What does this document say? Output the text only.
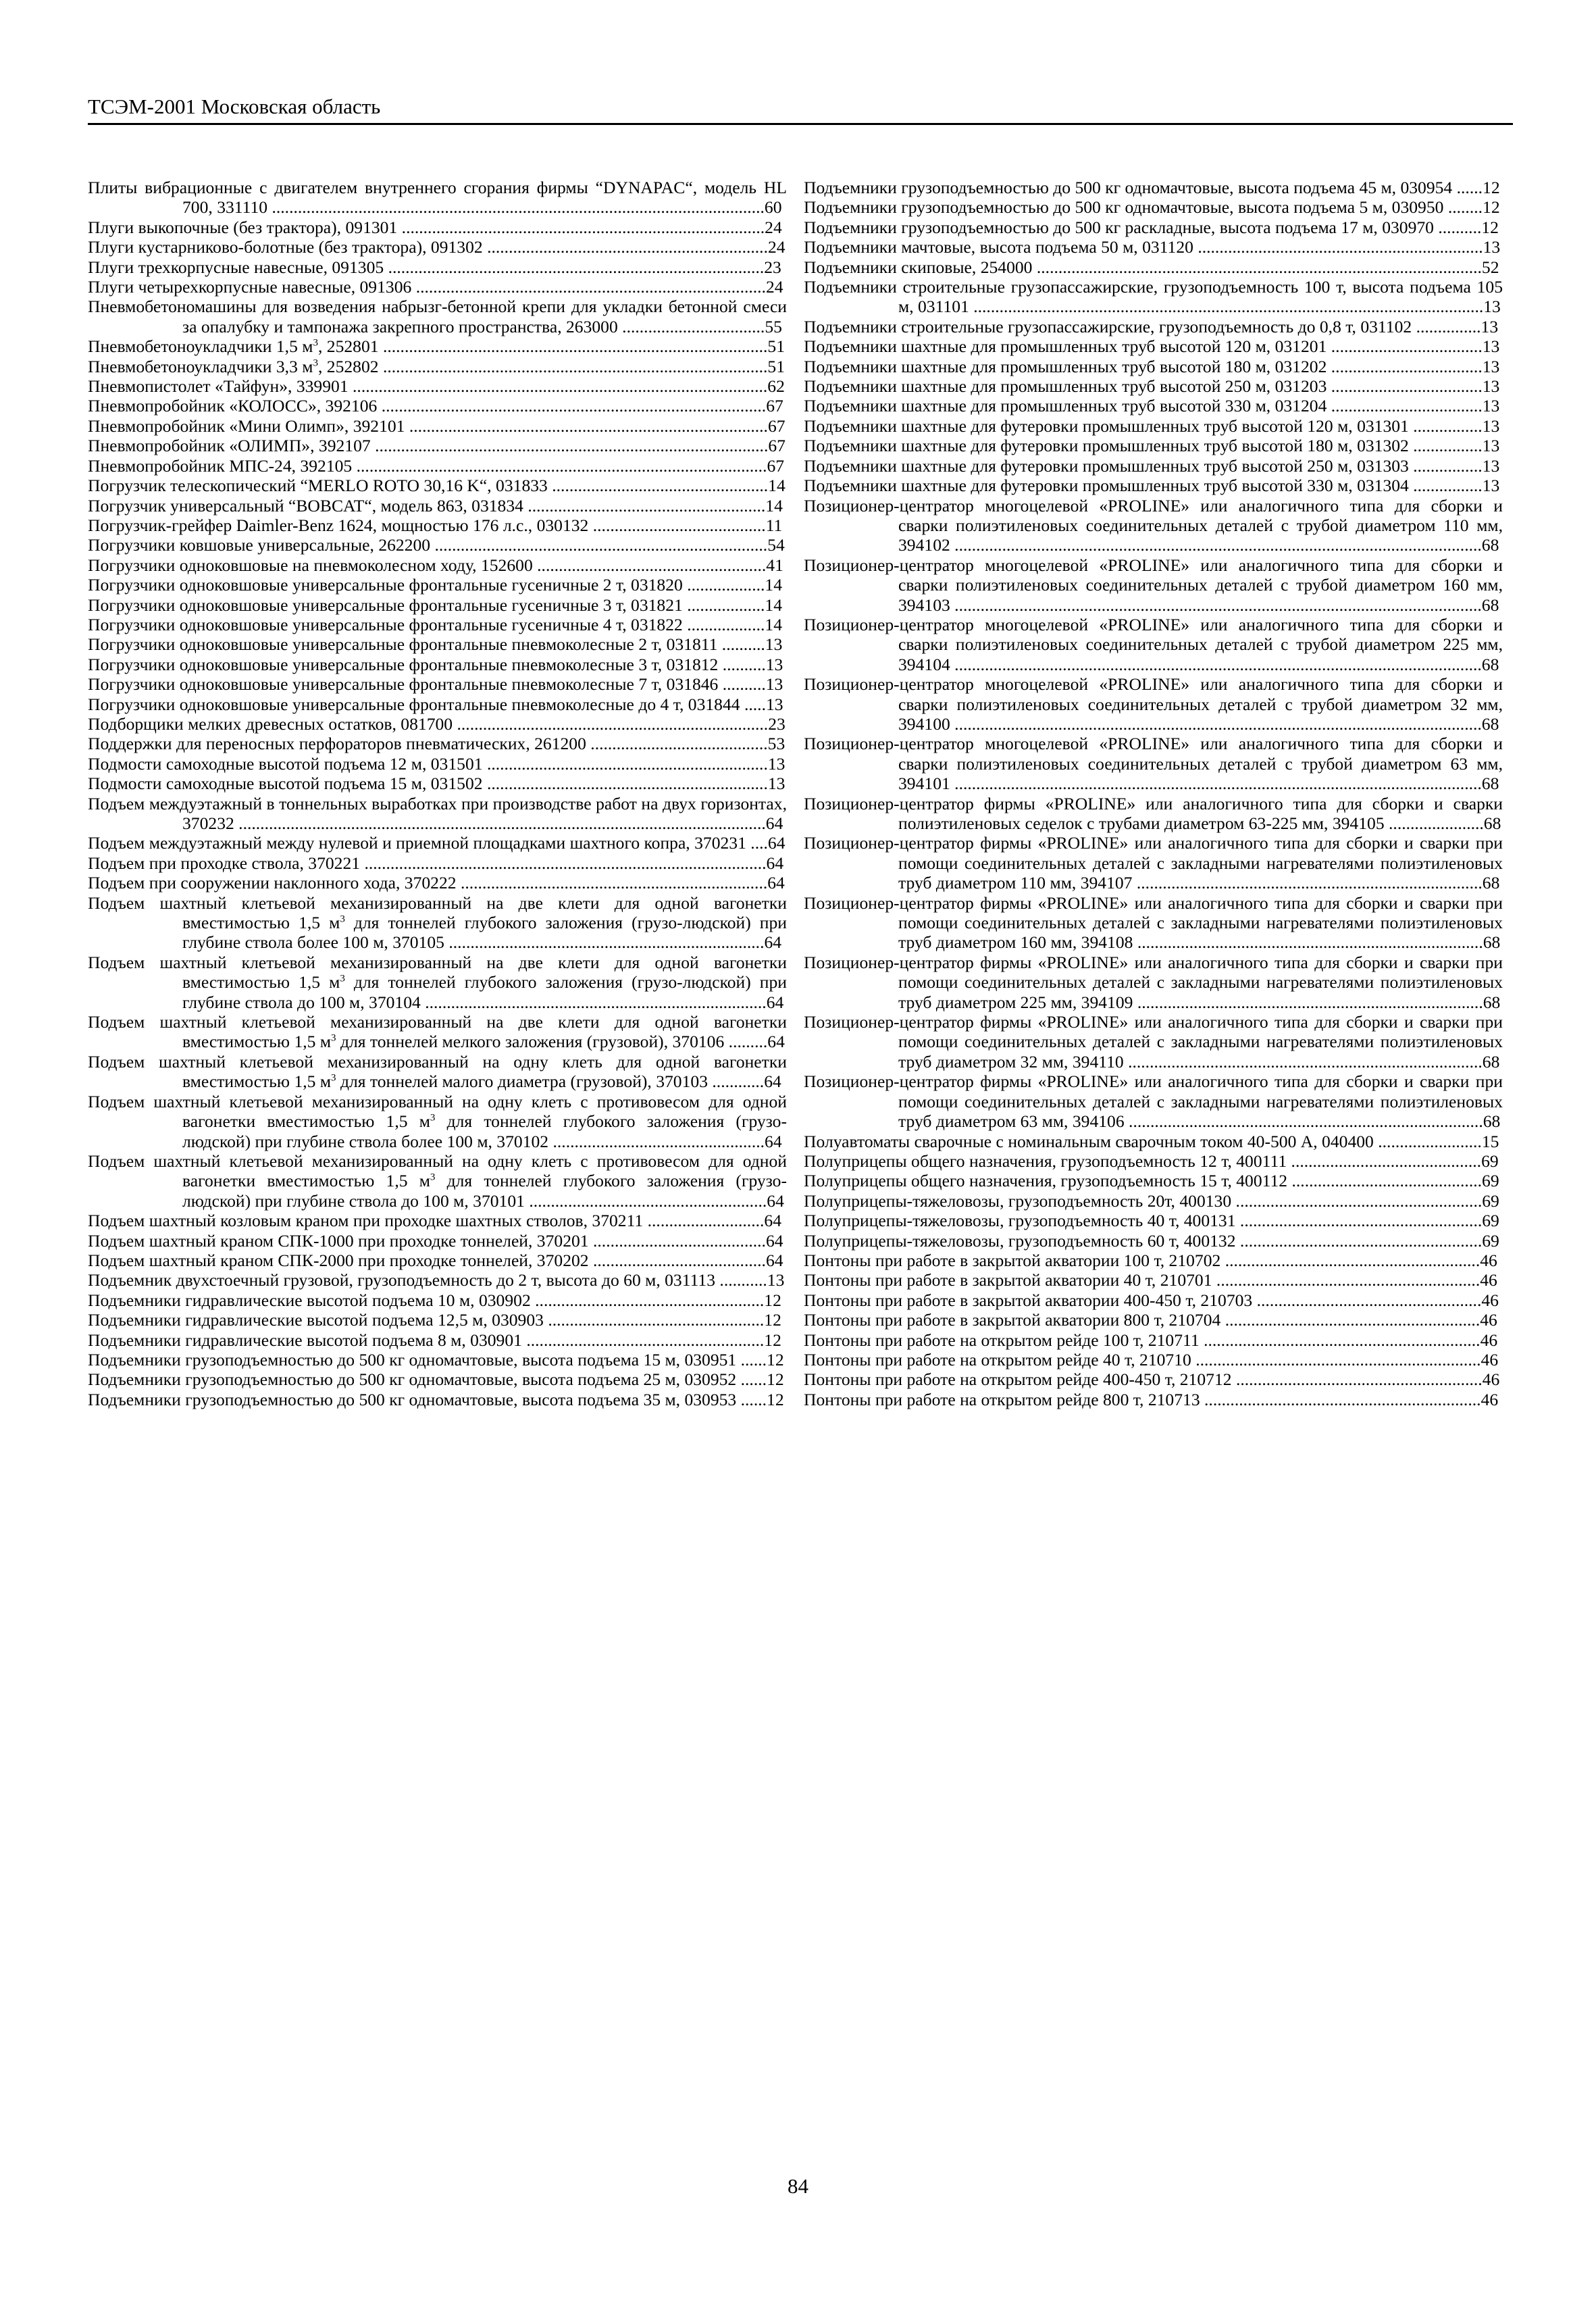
ТСЭМ-2001 Московская область
Плиты вибрационные с двигателем внутреннего сгорания фирмы “DYNAPAC“, модель HL 700, 331110 ..................................................................................................................60
Плуги выкопочные (без трактора), 091301 ....................................................................................24
Плуги кустарниково-болотные (без трактора), 091302 .................................................................24
Плуги трехкорпусные навесные, 091305 .......................................................................................23
Плуги четырехкорпусные навесные, 091306 .................................................................................24
Пневмобетономашины для возведения набрызг-бетонной крепи для укладки бетонной смеси за опалубку и тампонажа закрепного пространства, 263000 .................................55
Пневмобетоноукладчики 1,5 $м^3$, 252801 .........................................................................................51
Пневмобетоноукладчики 3,3 $м^3$, 252802 .........................................................................................51
Пневмопистолет «Тайфун», 339901 ................................................................................................62
Пневмопробойник «КОЛОСС», 392106 .........................................................................................67
Пневмопробойник «Мини Олимп», 392101 ...................................................................................67
Пневмопробойник «ОЛИМП», 392107 ...........................................................................................67
Пневмопробойник МПС-24, 392105 ...............................................................................................67
Погрузчик телескопический “MERLO ROTO 30,16 K“, 031833 ..................................................14
Погрузчик универсальный “BOBCAT“, модель 863, 031834 .......................................................14
Погрузчик-грейфер Daimler-Benz 1624, мощностью 176 л.с., 030132 ........................................11
Погрузчики ковшовые универсальные, 262200 .............................................................................54
Погрузчики одноковшовые на пневмоколесном ходу, 152600 .....................................................41
Погрузчики одноковшовые универсальные фронтальные гусеничные 2 т, 031820 ..................14
Погрузчики одноковшовые универсальные фронтальные гусеничные 3 т, 031821 ..................14
Погрузчики одноковшовые универсальные фронтальные гусеничные 4 т, 031822 ..................14
Погрузчики одноковшовые универсальные фронтальные пневмоколесные 2 т, 031811 ..........13
Погрузчики одноковшовые универсальные фронтальные пневмоколесные 3 т, 031812 ..........13
Погрузчики одноковшовые универсальные фронтальные пневмоколесные 7 т, 031846 ..........13
Погрузчики одноковшовые универсальные фронтальные пневмоколесные до 4 т, 031844 .....13
Подборщики мелких древесных остатков, 081700 ........................................................................23
Поддержки для переносных перфораторов пневматических, 261200 .........................................53
Подмости самоходные высотой подъема 12 м, 031501 .................................................................13
Подмости самоходные высотой подъема 15 м, 031502 .................................................................13
Подъем междуэтажный в тоннельных выработках при производстве работ на двух горизонтах, 370232 ..........................................................................................................................64
Подъем междуэтажный между нулевой и приемной площадками шахтного копра, 370231 ....64
Подъем при проходке ствола, 370221 .............................................................................................64
Подъем при сооружении наклонного хода, 370222 .......................................................................64
Подъем шахтный клетьевой механизированный на две клети для одной вагонетки вместимостью 1,5 $м^3$ для тоннелей глубокого заложения (грузо-людской) при глубине ствола более 100 м, 370105 .........................................................................64
Подъем шахтный клетьевой механизированный на две клети для одной вагонетки вместимостью 1,5 $м^3$ для тоннелей глубокого заложения (грузо-людской) при глубине ствола до 100 м, 370104 ...............................................................................64
Подъем шахтный клетьевой механизированный на две клети для одной вагонетки вместимостью 1,5 $м^3$ для тоннелей мелкого заложения (грузовой), 370106 .........64
Подъем шахтный клетьевой механизированный на одну клеть для одной вагонетки вместимостью 1,5 $м^3$ для тоннелей малого диаметра (грузовой), 370103 ............64
Подъем шахтный клетьевой механизированный на одну клеть с противовесом для одной вагонетки вместимостью 1,5 $м^3$ для тоннелей глубокого заложения (грузо-людской) при глубине ствола более 100 м, 370102 .................................................64
Подъем шахтный клетьевой механизированный на одну клеть с противовесом для одной вагонетки вместимостью 1,5 $м^3$ для тоннелей глубокого заложения (грузо-людской) при глубине ствола до 100 м, 370101 .......................................................64
Подъем шахтный козловым краном при проходке шахтных стволов, 370211 ...........................64
Подъем шахтный краном СПК-1000 при проходке тоннелей, 370201 ........................................64
Подъем шахтный краном СПК-2000 при проходке тоннелей, 370202 ........................................64
Подъемник двухстоечный грузовой, грузоподъемность до 2 т, высота до 60 м, 031113 ...........13
Подъемники гидравлические высотой подъема 10 м, 030902 .....................................................12
Подъемники гидравлические высотой подъема 12,5 м, 030903 ..................................................12
Подъемники гидравлические высотой подъема 8 м, 030901 .......................................................12
Подъемники грузоподъемностью до 500 кг одномачтовые, высота подъема 15 м, 030951 ......12
Подъемники грузоподъемностью до 500 кг одномачтовые, высота подъема 25 м, 030952 ......12
Подъемники грузоподъемностью до 500 кг одномачтовые, высота подъема 35 м, 030953 ......12
Подъемники грузоподъемностью до 500 кг одномачтовые, высота подъема 45 м, 030954 ......12
Подъемники грузоподъемностью до 500 кг одномачтовые, высота подъема 5 м, 030950 ........12
Подъемники грузоподъемностью до 500 кг раскладные, высота подъема 17 м, 030970 ..........12
Подъемники мачтовые, высота подъема 50 м, 031120 ..................................................................13
Подъемники скиповые, 254000 .......................................................................................................52
Подъемники строительные грузопассажирские, грузоподъемность 100 т, высота подъема 105 м, 031101 ......................................................................................................................13
Подъемники строительные грузопассажирские, грузоподъемность до 0,8 т, 031102 ...............13
Подъемники шахтные для промышленных труб высотой 120 м, 031201 ...................................13
Подъемники шахтные для промышленных труб высотой 180 м, 031202 ...................................13
Подъемники шахтные для промышленных труб высотой 250 м, 031203 ...................................13
Подъемники шахтные для промышленных труб высотой 330 м, 031204 ...................................13
Подъемники шахтные для футеровки промышленных труб высотой 120 м, 031301 ................13
Подъемники шахтные для футеровки промышленных труб высотой 180 м, 031302 ................13
Подъемники шахтные для футеровки промышленных труб высотой 250 м, 031303 ................13
Подъемники шахтные для футеровки промышленных труб высотой 330 м, 031304 ................13
Позиционер-центратор многоцелевой «PROLINE» или аналогичного типа для сборки и сварки полиэтиленовых соединительных деталей с трубой диаметром 110 мм, 394102 ..........................................................................................................................68
Позиционер-центратор многоцелевой «PROLINE» или аналогичного типа для сборки и сварки полиэтиленовых соединительных деталей с трубой диаметром 160 мм, 394103 ..........................................................................................................................68
Позиционер-центратор многоцелевой «PROLINE» или аналогичного типа для сборки и сварки полиэтиленовых соединительных деталей с трубой диаметром 225 мм, 394104 ..........................................................................................................................68
Позиционер-центратор многоцелевой «PROLINE» или аналогичного типа для сборки и сварки полиэтиленовых соединительных деталей с трубой диаметром 32 мм, 394100 ..........................................................................................................................68
Позиционер-центратор многоцелевой «PROLINE» или аналогичного типа для сборки и сварки полиэтиленовых соединительных деталей с трубой диаметром 63 мм, 394101 ..........................................................................................................................68
Позиционер-центратор фирмы «PROLINE» или аналогичного типа для сборки и сварки полиэтиленовых седелок с трубами диаметром 63-225 мм, 394105 ......................68
Позиционер-центратор фирмы «PROLINE» или аналогичного типа для сборки и сварки при помощи соединительных деталей с закладными нагревателями полиэтиленовых труб диаметром 110 мм, 394107 ................................................................................68
Позиционер-центратор фирмы «PROLINE» или аналогичного типа для сборки и сварки при помощи соединительных деталей с закладными нагревателями полиэтиленовых труб диаметром 160 мм, 394108 ................................................................................68
Позиционер-центратор фирмы «PROLINE» или аналогичного типа для сборки и сварки при помощи соединительных деталей с закладными нагревателями полиэтиленовых труб диаметром 225 мм, 394109 ................................................................................68
Позиционер-центратор фирмы «PROLINE» или аналогичного типа для сборки и сварки при помощи соединительных деталей с закладными нагревателями полиэтиленовых труб диаметром 32 мм, 394110 ..................................................................................68
Позиционер-центратор фирмы «PROLINE» или аналогичного типа для сборки и сварки при помощи соединительных деталей с закладными нагревателями полиэтиленовых труб диаметром 63 мм, 394106 ..................................................................................68
Полуавтоматы сварочные с номинальным сварочным током 40-500 А, 040400 ........................15
Полуприцепы общего назначения, грузоподъемность 12 т, 400111 ............................................69
Полуприцепы общего назначения, грузоподъемность 15 т, 400112 ............................................69
Полуприцепы-тяжеловозы, грузоподъемность 20т, 400130 .........................................................69
Полуприцепы-тяжеловозы, грузоподъемность 40 т, 400131 ........................................................69
Полуприцепы-тяжеловозы, грузоподъемность 60 т, 400132 ........................................................69
Понтоны при работе в закрытой акватории 100 т, 210702 ...........................................................46
Понтоны при работе в закрытой акватории 40 т, 210701 .............................................................46
Понтоны при работе в закрытой акватории 400-450 т, 210703 ....................................................46
Понтоны при работе в закрытой акватории 800 т, 210704 ...........................................................46
Понтоны при работе на открытом рейде 100 т, 210711 ................................................................46
Понтоны при работе на открытом рейде 40 т, 210710 ..................................................................46
Понтоны при работе на открытом рейде 400-450 т, 210712 .........................................................46
Понтоны при работе на открытом рейде 800 т, 210713 ................................................................46
84
